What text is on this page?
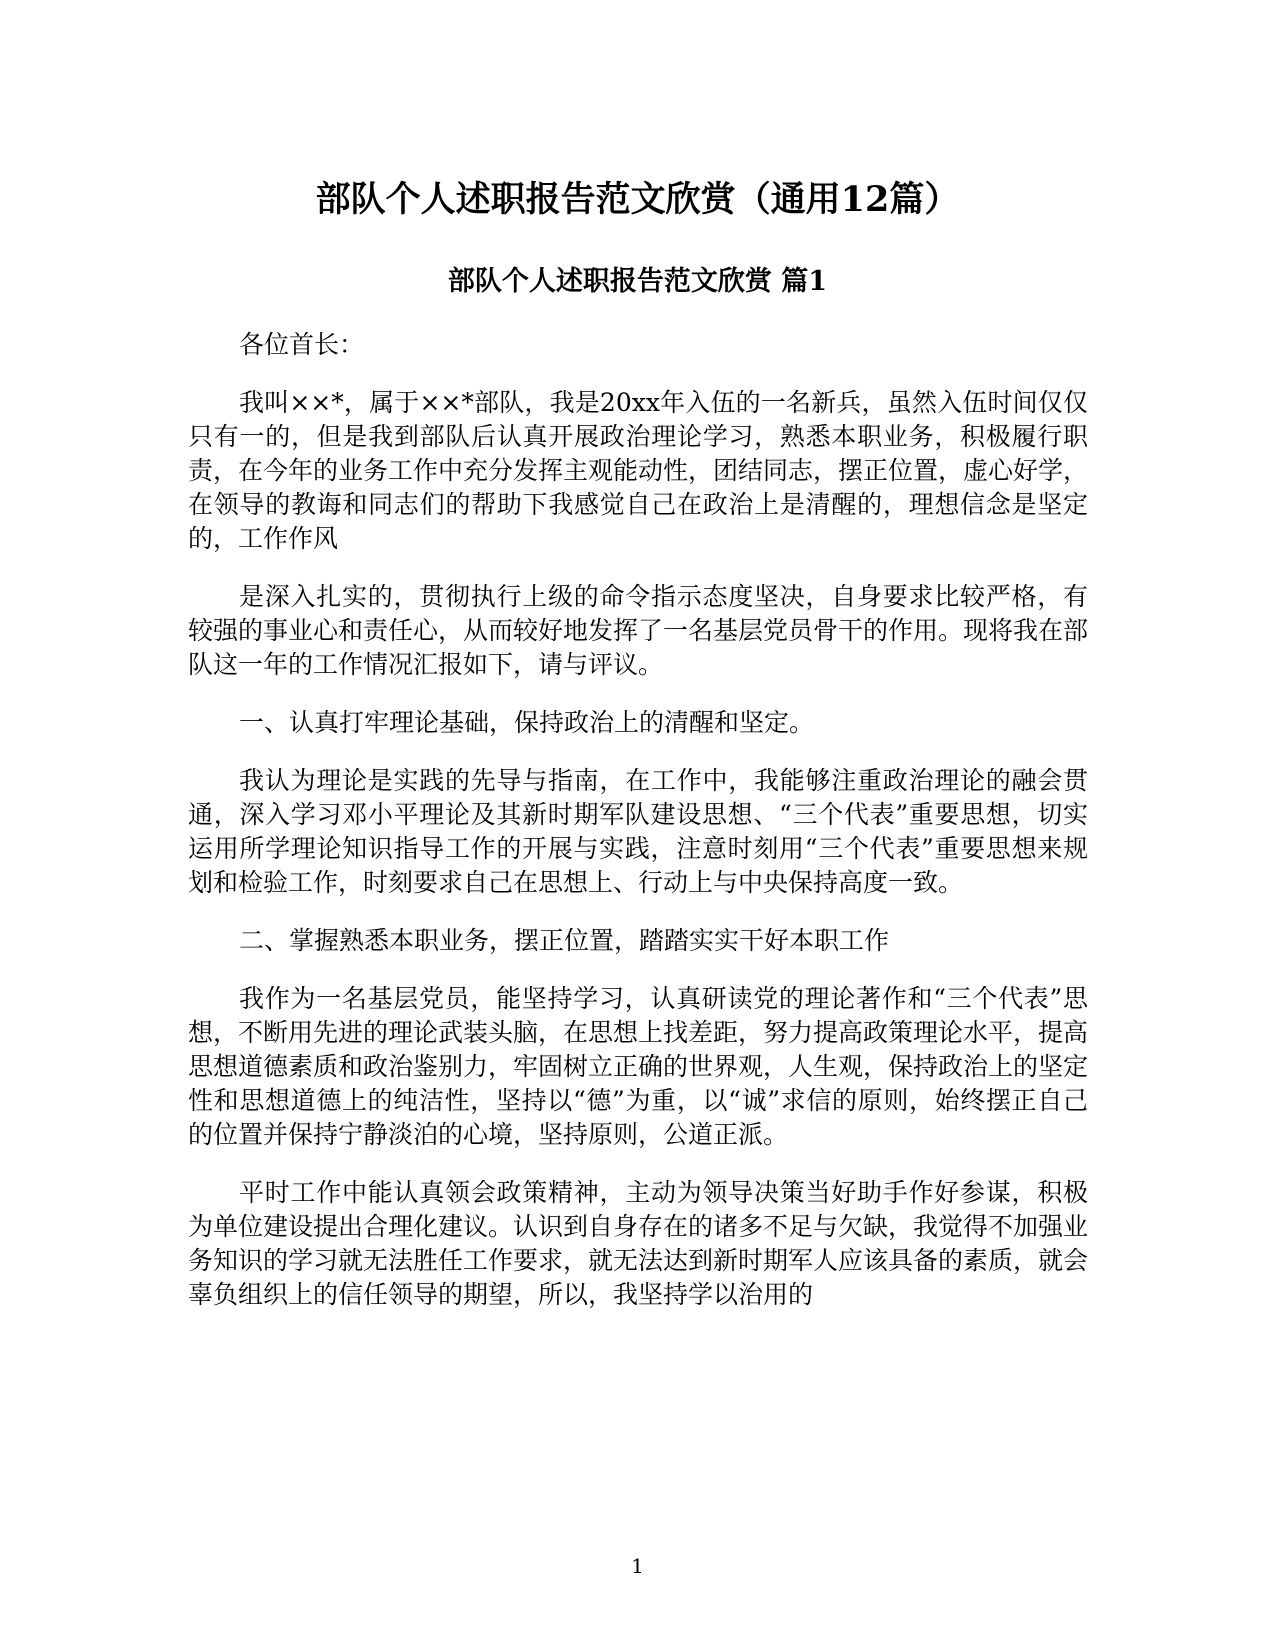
部队个人述职报告范文欣赏（通用12篇）
部队个人述职报告范文欣赏 篇1

各位首长：

我叫××*，属于××*部队，我是20xx年入伍的一名新兵，虽然入伍时间仅仅只有一的，但是我到部队后认真开展政治理论学习，熟悉本职业务，积极履行职责，在今年的业务工作中充分发挥主观能动性，团结同志，摆正位置，虚心好学，在领导的教诲和同志们的帮助下我感觉自己在政治上是清醒的，理想信念是坚定的，工作作风

是深入扎实的，贯彻执行上级的命令指示态度坚决，自身要求比较严格，有较强的事业心和责任心，从而较好地发挥了一名基层党员骨干的作用。现将我在部队这一年的工作情况汇报如下，请与评议。

一、认真打牢理论基础，保持政治上的清醒和坚定。

我认为理论是实践的先导与指南，在工作中，我能够注重政治理论的融会贯通，深入学习邓小平理论及其新时期军队建设思想、“三个代表”重要思想，切实运用所学理论知识指导工作的开展与实践，注意时刻用“三个代表”重要思想来规划和检验工作，时刻要求自己在思想上、行动上与中央保持高度一致。

二、掌握熟悉本职业务，摆正位置，踏踏实实干好本职工作

我作为一名基层党员，能坚持学习，认真研读党的理论著作和“三个代表”思想，不断用先进的理论武装头脑，在思想上找差距，努力提高政策理论水平，提高思想道德素质和政治鉴别力，牢固树立正确的世界观，人生观，保持政治上的坚定性和思想道德上的纯洁性，坚持以“德”为重，以“诚”求信的原则，始终摆正自己的位置并保持宁静淡泊的心境，坚持原则，公道正派。

平时工作中能认真领会政策精神，主动为领导决策当好助手作好参谋，积极为单位建设提出合理化建议。认识到自身存在的诸多不足与欠缺，我觉得不加强业务知识的学习就无法胜任工作要求，就无法达到新时期军人应该具备的素质，就会辜负组织上的信任领导的期望，所以，我坚持学以治用的

1
